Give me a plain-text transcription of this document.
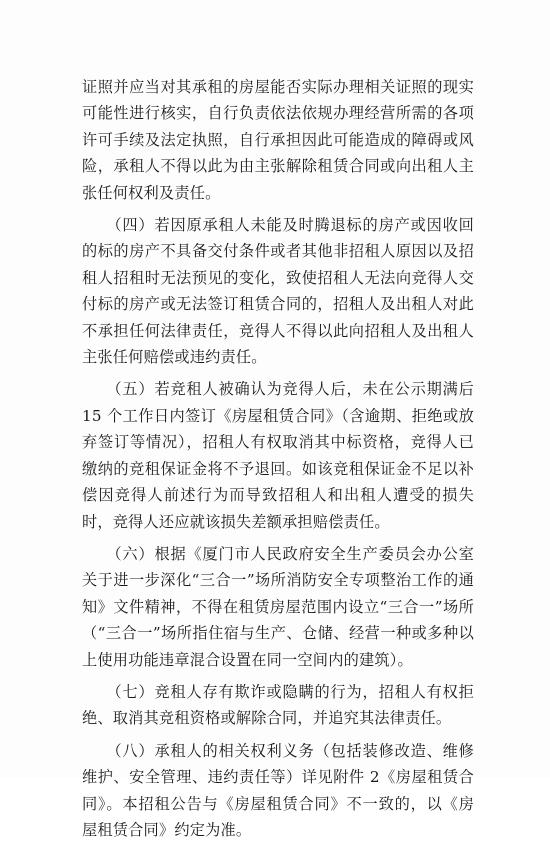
证照并应当对其承租的房屋能否实际办理相关证照的现实可能性进行核实，自行负责依法依规办理经营所需的各项许可手续及法定执照，自行承担因此可能造成的障碍或风险，承租人不得以此为由主张解除租赁合同或向出租人主张任何权利及责任。

　　（四）若因原承租人未能及时腾退标的房产或因收回的标的房产不具备交付条件或者其他非招租人原因以及招租人招租时无法预见的变化，致使招租人无法向竞得人交付标的房产或无法签订租赁合同的，招租人及出租人对此不承担任何法律责任，竞得人不得以此向招租人及出租人主张任何赔偿或违约责任。

　　（五）若竞租人被确认为竞得人后，未在公示期满后 15 个工作日内签订《房屋租赁合同》（含逾期、拒绝或放弃签订等情况），招租人有权取消其中标资格，竞得人已缴纳的竞租保证金将不予退回。如该竞租保证金不足以补偿因竞得人前述行为而导致招租人和出租人遭受的损失时，竞得人还应就该损失差额承担赔偿责任。

　　（六）根据《厦门市人民政府安全生产委员会办公室关于进一步深化“三合一”场所消防安全专项整治工作的通知》文件精神，不得在租赁房屋范围内设立“三合一”场所（“三合一”场所指住宿与生产、仓储、经营一种或多种以上使用功能违章混合设置在同一空间内的建筑）。

　　（七）竞租人存有欺诈或隐瞒的行为，招租人有权拒绝、取消其竞租资格或解除合同，并追究其法律责任。

　　（八）承租人的相关权利义务（包括装修改造、维修维护、安全管理、违约责任等）详见附件 2《房屋租赁合同》。本招租公告与《房屋租赁合同》不一致的，以《房屋租赁合同》约定为准。
